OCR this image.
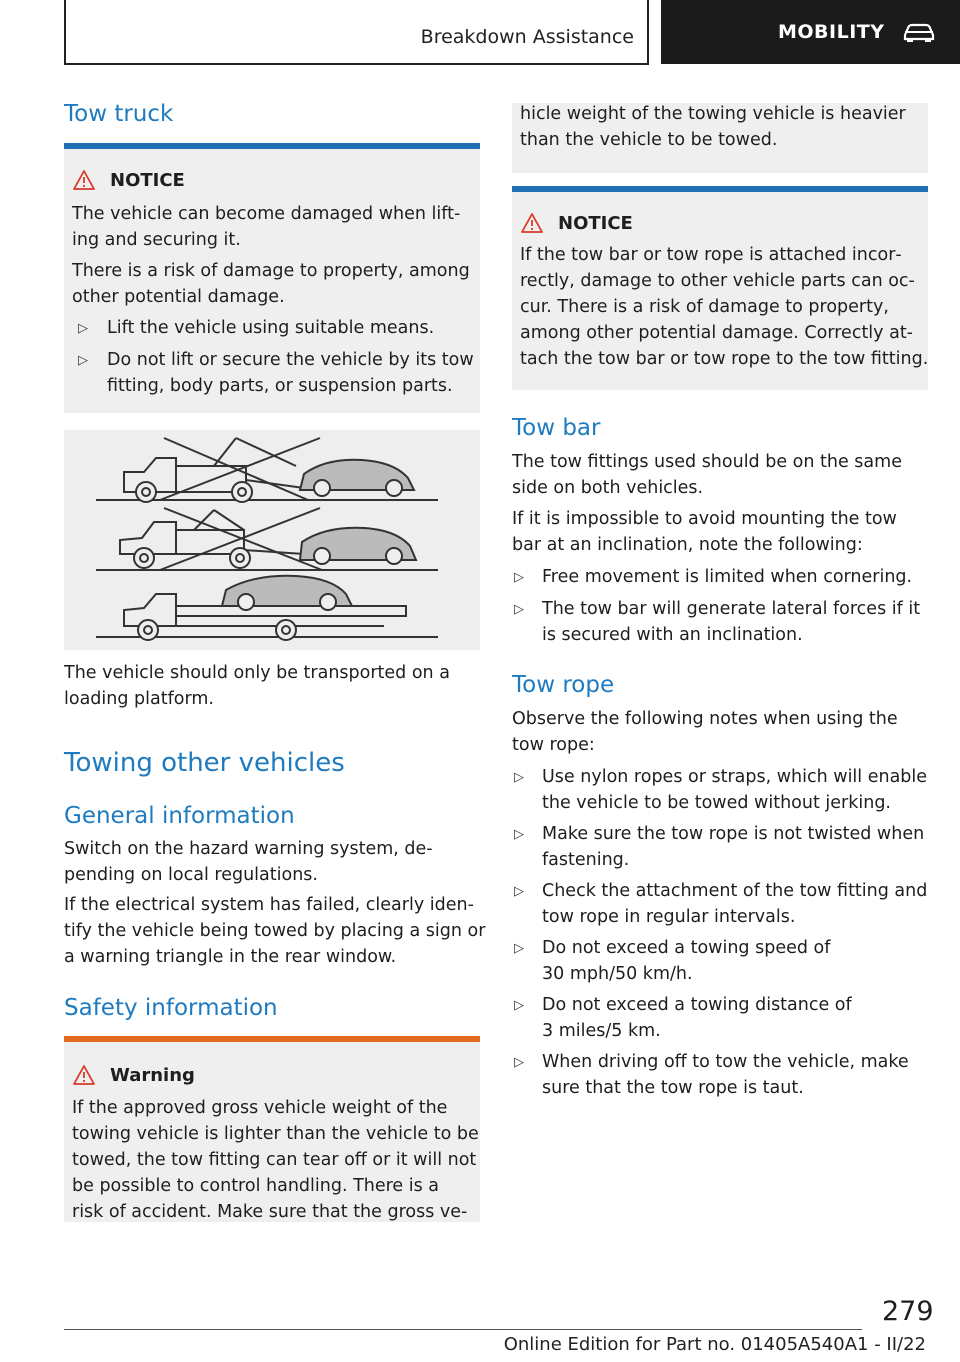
Breakdown Assistance	MOBILITY
Tow truck
NOTICE

The vehicle can become damaged when lift‐

ing and securing it.

There is a risk of damage to property, among

other potential damage.

▷ Lift the vehicle using suitable means.
▷ Do not lift or secure the vehicle by its tow
fitting, body parts, or suspension parts.

The vehicle should only be transported on a

loading platform.

Towing other vehicles
General information

Switch on the hazard warning system, de‐

pending on local regulations.

If the electrical system has failed, clearly iden‐

tify the vehicle being towed by placing a sign or

a warning triangle in the rear window.

Safety information
Warning

If the approved gross vehicle weight of the

towing vehicle is lighter than the vehicle to be

towed, the tow fitting can tear off or it will not

be possible to control handling. There is a

risk of accident. Make sure that the gross ve‐

hicle weight of the towing vehicle is heavier

than the vehicle to be towed.

NOTICE

If the tow bar or tow rope is attached incor‐

rectly, damage to other vehicle parts can oc‐

cur. There is a risk of damage to property,

among other potential damage. Correctly at‐

tach the tow bar or tow rope to the tow fitting.

Tow bar

The tow fittings used should be on the same

side on both vehicles.

If it is impossible to avoid mounting the tow

bar at an inclination, note the following:

▷ Free movement is limited when cornering.
▷ The tow bar will generate lateral forces if it
is secured with an inclination.
Tow rope

Observe the following notes when using the

tow rope:

▷ Use nylon ropes or straps, which will enable
the vehicle to be towed without jerking.
▷ Make sure the tow rope is not twisted when
fastening.
▷ Check the attachment of the tow fitting and
tow rope in regular intervals.
▷ Do not exceed a towing speed of
30 mph/50 km/h.
▷ Do not exceed a towing distance of
3 miles/5 km.
▷ When driving off to tow the vehicle, make
sure that the tow rope is taut.
279
Online Edition for Part no. 01405A540A1 - II/22
